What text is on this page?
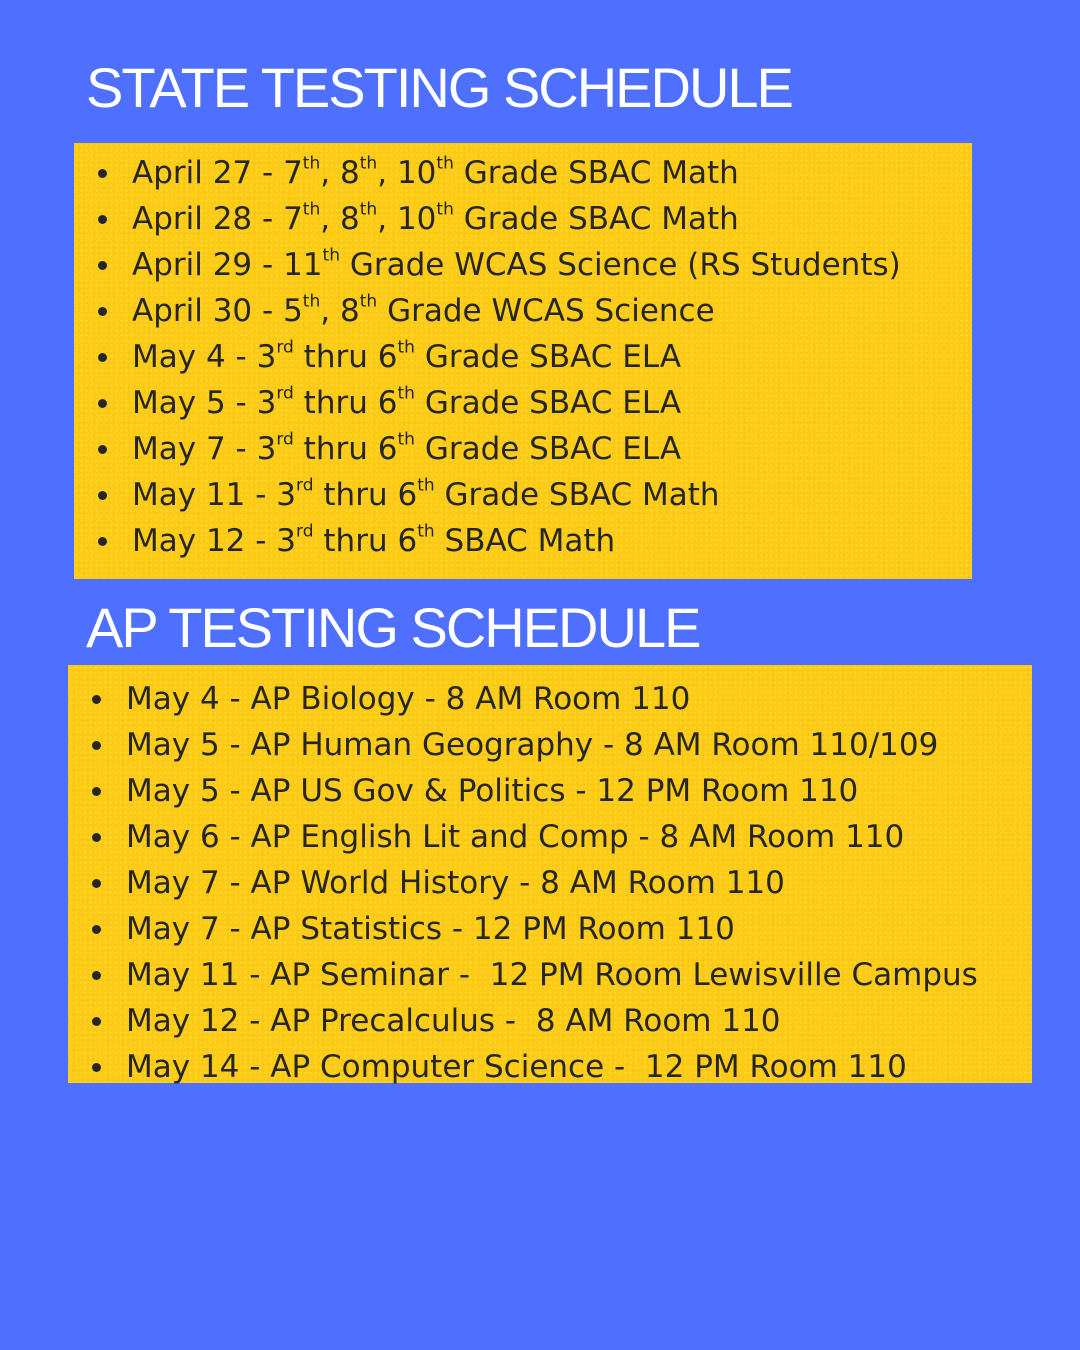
STATE TESTING SCHEDULE
April 27 - 7th, 8th, 10th Grade SBAC Math
April 28 - 7th, 8th, 10th Grade SBAC Math
April 29 - 11th Grade WCAS Science (RS Students)
April 30 - 5th, 8th Grade WCAS Science
May 4 - 3rd thru 6th Grade SBAC ELA
May 5 - 3rd thru 6th Grade SBAC ELA
May 7 - 3rd thru 6th Grade SBAC ELA
May 11 - 3rd thru 6th Grade SBAC Math
May 12 - 3rd thru 6th SBAC Math
AP TESTING SCHEDULE
May 4 - AP Biology - 8 AM Room 110
May 5 - AP Human Geography - 8 AM Room 110/109
May 5 - AP US Gov & Politics - 12 PM Room 110
May 6 - AP English Lit and Comp - 8 AM Room 110
May 7 - AP World History - 8 AM Room 110
May 7 - AP Statistics - 12 PM Room 110
May 11 - AP Seminar -  12 PM Room Lewisville Campus
May 12 - AP Precalculus -  8 AM Room 110
May 14 - AP Computer Science -  12 PM Room 110
